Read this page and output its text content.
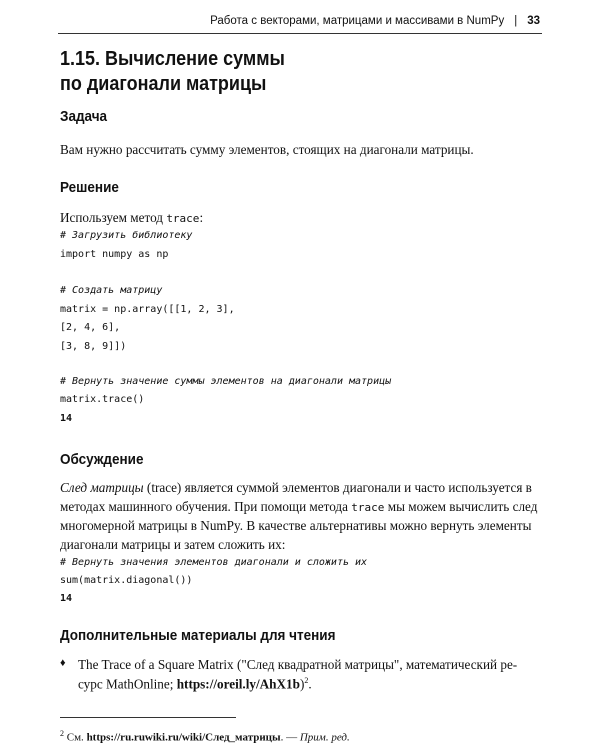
Работа с векторами, матрицами и массивами в NumPy | 33
1.15. Вычисление суммы
по диагонали матрицы
Задача
Вам нужно рассчитать сумму элементов, стоящих на диагонали матрицы.
Решение
Используем метод trace:
# Загрузить библиотеку
import numpy as np
# Создать матрицу
matrix = np.array([[1, 2, 3],
[2, 4, 6],
[3, 8, 9]])
# Вернуть значение суммы элементов на диагонали матрицы
matrix.trace()
14
Обсуждение
След матрицы (trace) является суммой элементов диагонали и часто используется в
методах машинного обучения. При помощи метода trace мы можем вычислить след
многомерной матрицы в NumPy. В качестве альтернативы можно вернуть элементы
диагонали матрицы и затем сложить их:
# Вернуть значения элементов диагонали и сложить их
sum(matrix.diagonal())
14
Дополнительные материалы для чтения
♦ The Trace of a Square Matrix ("След квадратной матрицы", математический ре-
сурс MathOnline; https://oreil.ly/AhX1b)$^2$.
$^2$ См. https://ru.ruwiki.ru/wiki/След_матрицы. — Прим. ред.
